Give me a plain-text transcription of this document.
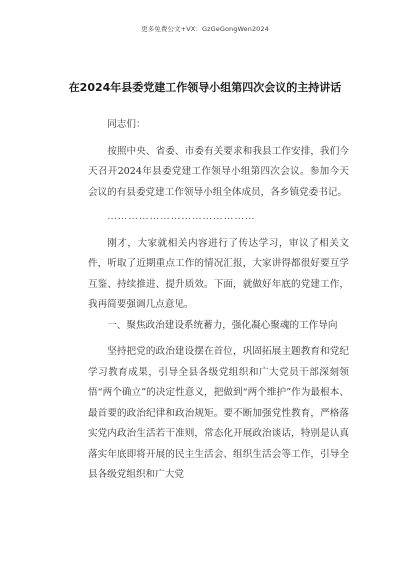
更多免费公文+VX：GzGeGongWen2024
在2024年县委党建工作领导小组第四次会议的主持讲话

同志们：

按照中央、省委、市委有关要求和我县工作安排，我们今天召开2024年县委党建工作领导小组第四次会议。参加今天会议的有县委党建工作领导小组全体成员，各乡镇党委书记。

……………………………………

刚才，大家就相关内容进行了传达学习，审议了相关文件，听取了近期重点工作的情况汇报，大家讲得都很好要互学互鉴、持续推进、提升质效。下面，就做好年底的党建工作，我再简要强调几点意见。

一、聚焦政治建设系统蓄力，强化凝心聚魂的工作导向

坚持把党的政治建设摆在首位，巩固拓展主题教育和党纪学习教育成果，引导全县各级党组织和广大党员干部深刻领悟“两个确立”的决定性意义，把做到“两个维护”作为最根本、最首要的政治纪律和政治规矩。要不断加强党性教育，严格落实党内政治生活若干准则，常态化开展政治谈话，特别是认真落实年底即将开展的民主生活会、组织生活会等工作，引导全县各级党组织和广大党
